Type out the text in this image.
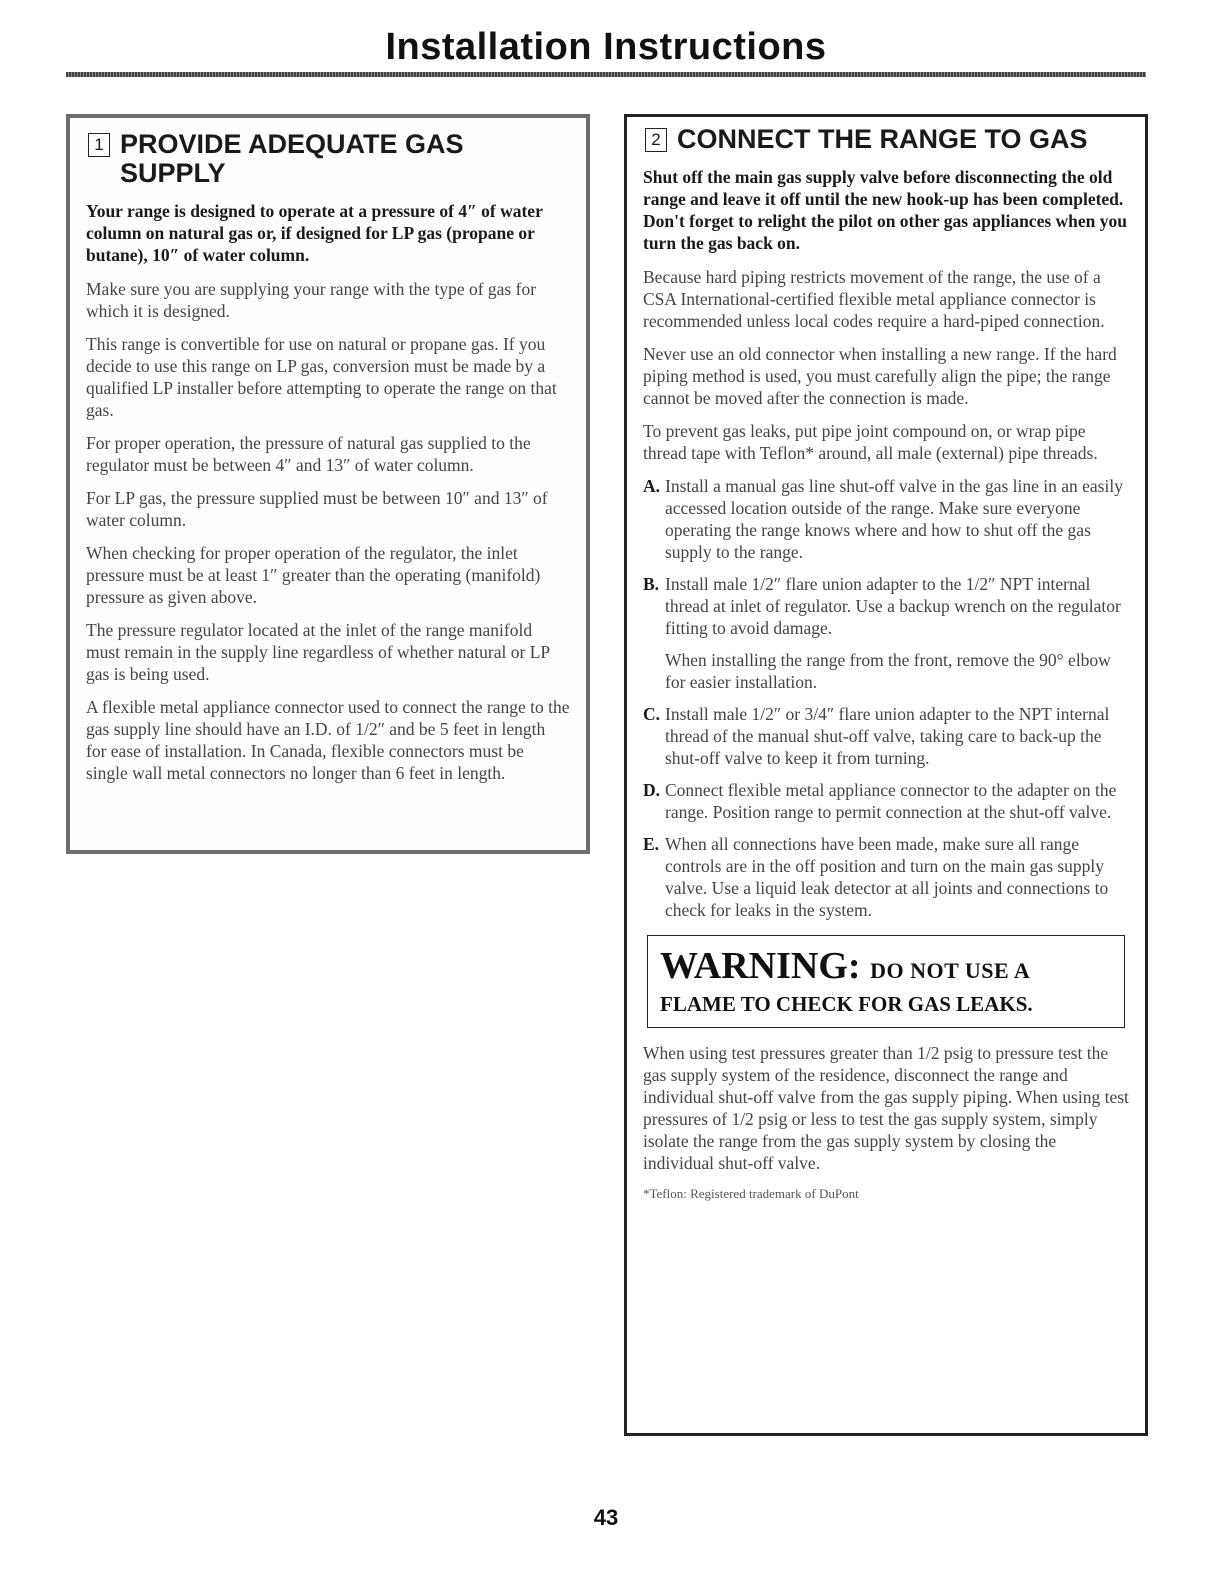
Installation Instructions
1 PROVIDE ADEQUATE GAS SUPPLY
Your range is designed to operate at a pressure of 4″ of water column on natural gas or, if designed for LP gas (propane or butane), 10″ of water column.

Make sure you are supplying your range with the type of gas for which it is designed.

This range is convertible for use on natural or propane gas. If you decide to use this range on LP gas, conversion must be made by a qualified LP installer before attempting to operate the range on that gas.

For proper operation, the pressure of natural gas supplied to the regulator must be between 4″ and 13″ of water column.

For LP gas, the pressure supplied must be between 10″ and 13″ of water column.

When checking for proper operation of the regulator, the inlet pressure must be at least 1″ greater than the operating (manifold) pressure as given above.

The pressure regulator located at the inlet of the range manifold must remain in the supply line regardless of whether natural or LP gas is being used.

A flexible metal appliance connector used to connect the range to the gas supply line should have an I.D. of 1/2″ and be 5 feet in length for ease of installation. In Canada, flexible connectors must be single wall metal connectors no longer than 6 feet in length.

2 CONNECT THE RANGE TO GAS
Shut off the main gas supply valve before disconnecting the old range and leave it off until the new hook-up has been completed. Don't forget to relight the pilot on other gas appliances when you turn the gas back on.

Because hard piping restricts movement of the range, the use of a CSA International-certified flexible metal appliance connector is recommended unless local codes require a hard-piped connection.

Never use an old connector when installing a new range. If the hard piping method is used, you must carefully align the pipe; the range cannot be moved after the connection is made.

To prevent gas leaks, put pipe joint compound on, or wrap pipe thread tape with Teflon* around, all male (external) pipe threads.

A. Install a manual gas line shut-off valve in the gas line in an easily accessed location outside of the range. Make sure everyone operating the range knows where and how to shut off the gas supply to the range.
B. Install male 1/2″ flare union adapter to the 1/2″ NPT internal thread at inlet of regulator. Use a backup wrench on the regulator fitting to avoid damage.
When installing the range from the front, remove the 90° elbow for easier installation.
C. Install male 1/2″ or 3/4″ flare union adapter to the NPT internal thread of the manual shut-off valve, taking care to back-up the shut-off valve to keep it from turning.
D. Connect flexible metal appliance connector to the adapter on the range. Position range to permit connection at the shut-off valve.
E. When all connections have been made, make sure all range controls are in the off position and turn on the main gas supply valve. Use a liquid leak detector at all joints and connections to check for leaks in the system.
WARNING: DO NOT USE A
FLAME TO CHECK FOR GAS LEAKS.

When using test pressures greater than 1/2 psig to pressure test the gas supply system of the residence, disconnect the range and individual shut-off valve from the gas supply piping. When using test pressures of 1/2 psig or less to test the gas supply system, simply isolate the range from the gas supply system by closing the individual shut-off valve.

*Teflon: Registered trademark of DuPont
43
